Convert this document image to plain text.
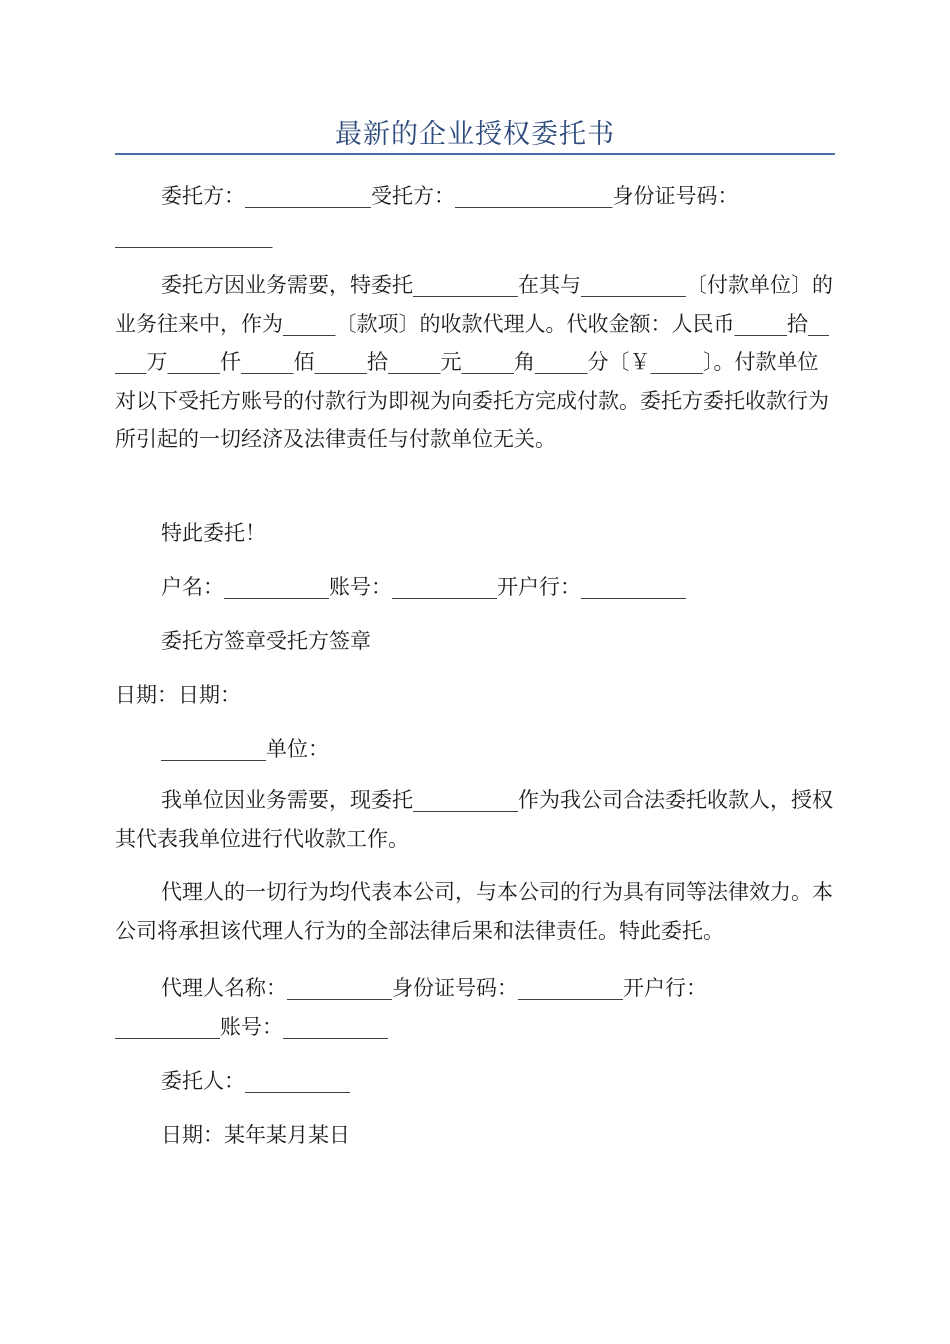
最新的企业授权委托书
委托方：____________受托方：_______________身份证号码：
_______________
委托方因业务需要，特委托__________在其与__________〔付款单位〕的业务往来中，作为_____〔款项〕的收款代理人。代收金额：人民币_____拾_____万_____仟_____佰_____拾_____元_____角_____分〔￥_____〕。付款单位对以下受托方账号的付款行为即视为向委托方完成付款。委托方委托收款行为所引起的一切经济及法律责任与付款单位无关。
特此委托！
户名：__________账号：__________开户行：__________
委托方签章受托方签章
日期：日期：
__________单位：
我单位因业务需要，现委托__________作为我公司合法委托收款人，授权其代表我单位进行代收款工作。
代理人的一切行为均代表本公司，与本公司的行为具有同等法律效力。本公司将承担该代理人行为的全部法律后果和法律责任。特此委托。
代理人名称：__________身份证号码：__________开户行：
__________账号：__________
委托人：__________
日期：某年某月某日
